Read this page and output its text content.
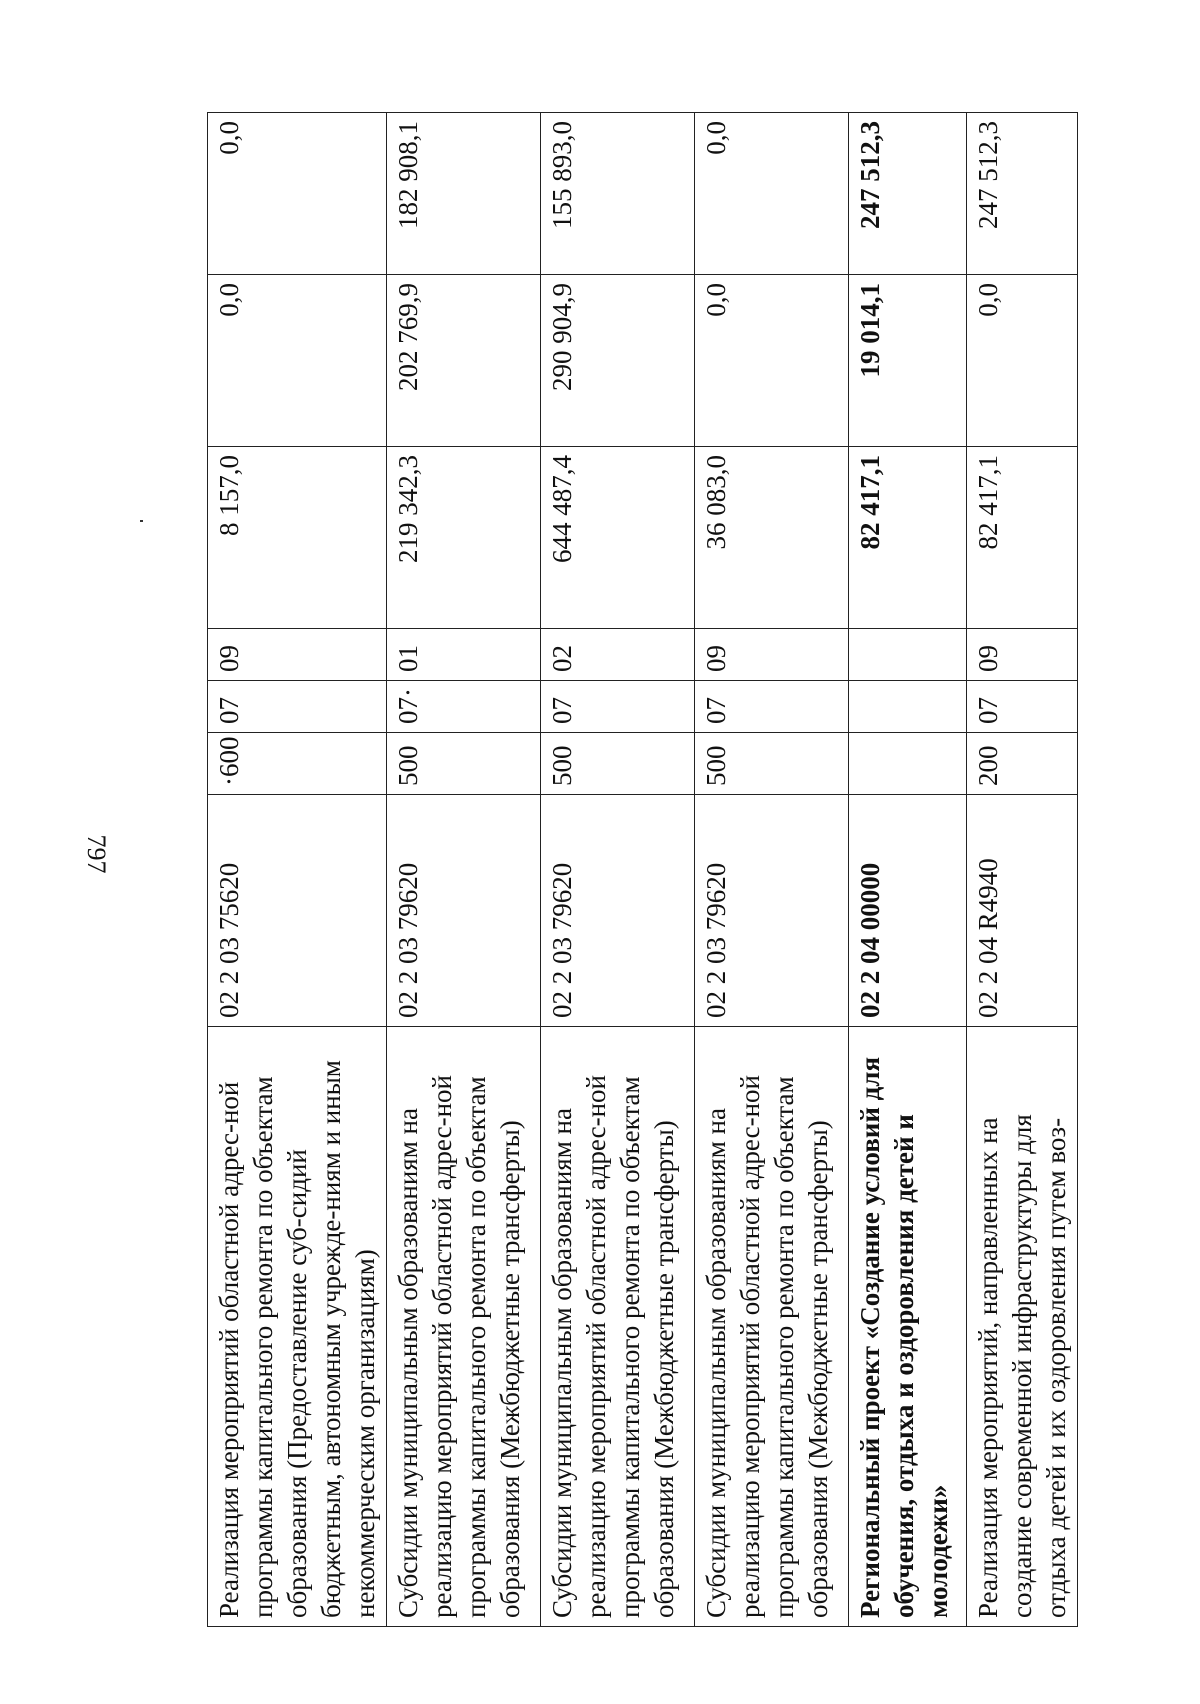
797
Реализация мероприятий областной адрес-ной программы капитального ремонта по объектам образования (Предоставление суб-сидий бюджетным, автономным учрежде-ниям и иным некоммерческим организациям)	02 2 03 75620	·600	07	09	8 157,0	0,0	0,0
Субсидии муниципальным образованиям на реализацию мероприятий областной адрес-ной программы капитального ремонта по объектам образования (Межбюджетные трансферты)	02 2 03 79620	500	07·	01	219 342,3	202 769,9	182 908,1
Субсидии муниципальным образованиям на реализацию мероприятий областной адрес-ной программы капитального ремонта по объектам образования (Межбюджетные трансферты)	02 2 03 79620	500	07	02	644 487,4	290 904,9	155 893,0
Субсидии муниципальным образованиям на реализацию мероприятий областной адрес-ной программы капитального ремонта по объектам образования (Межбюджетные трансферты)	02 2 03 79620	500	07	09	36 083,0	0,0	0,0
Региональный проект «Создание условий для обучения, отдыха и оздоровления детей и молодежи»	02 2 04 00000				82 417,1	19 014,1	247 512,3
Реализация мероприятий, направленных на создание современной инфраструктуры для отдыха детей и их оздоровления путем воз-	02 2 04 R4940	200	07	09	82 417,1	0,0	247 512,3
